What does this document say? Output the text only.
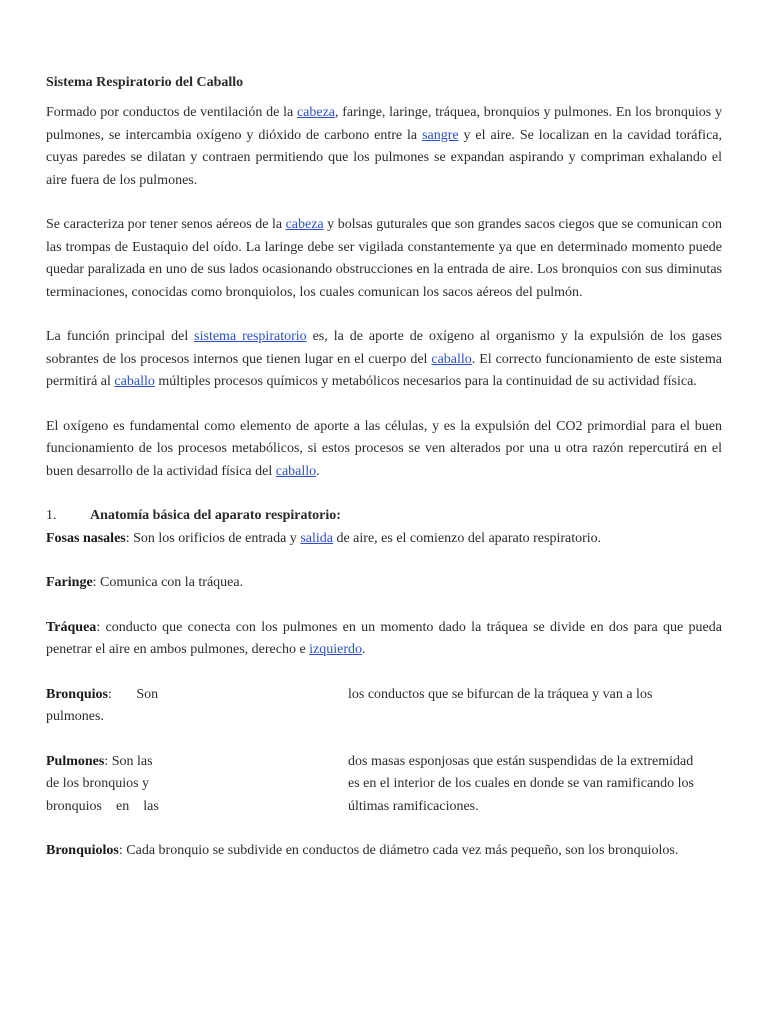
Sistema Respiratorio del Caballo

Formado por conductos de ventilación de la cabeza, faringe, laringe, tráquea, bronquios y pulmones. En los bronquios y pulmones, se intercambia oxígeno y dióxido de carbono entre la sangre y el aire. Se localizan en la cavidad toráfica, cuyas paredes se dilatan y contraen permitiendo que los pulmones se expandan aspirando y compriman exhalando el aire fuera de los pulmones.

Se caracteriza por tener senos aéreos de la cabeza y bolsas guturales que son grandes sacos ciegos que se comunican con las trompas de Eustaquio del oído. La laringe debe ser vigilada constantemente ya que en determinado momento puede quedar paralizada en uno de sus lados ocasionando obstrucciones en la entrada de aire. Los bronquios con sus diminutas terminaciones, conocidas como bronquiolos, los cuales comunican los sacos aéreos del pulmón.

La función principal del sistema respiratorio es, la de aporte de oxígeno al organismo y la expulsión de los gases sobrantes de los procesos internos que tienen lugar en el cuerpo del caballo. El correcto funcionamiento de este sistema permitirá al caballo múltiples procesos químicos y metabólicos necesarios para la continuidad de su actividad física.

El oxígeno es fundamental como elemento de aporte a las células, y es la expulsión del CO2 primordial para el buen funcionamiento de los procesos metabólicos, si estos procesos se ven alterados por una u otra razón repercutirá en el buen desarrollo de la actividad física del caballo.

1. Anatomía básica del aparato respiratorio:

Fosas nasales: Son los orificios de entrada y salida de aire, es el comienzo del aparato respiratorio.

Faringe: Comunica con la tráquea.

Tráquea: conducto que conecta con los pulmones en un momento dado la tráquea se divide en dos para que pueda penetrar el aire en ambos pulmones, derecho e izquierdo.

Bronquios:       Son	los conductos que se bifurcan de la tráquea y van a los
pulmones.
Pulmones: Son las	dos masas esponjosas que están suspendidas de la extremidad
de los bronquios y	es en el interior de los cuales en donde se van ramificando los
bronquios    en    las	últimas ramificaciones.

Bronquiolos: Cada bronquio se subdivide en conductos de diámetro cada vez más pequeño, son los bronquiolos.
